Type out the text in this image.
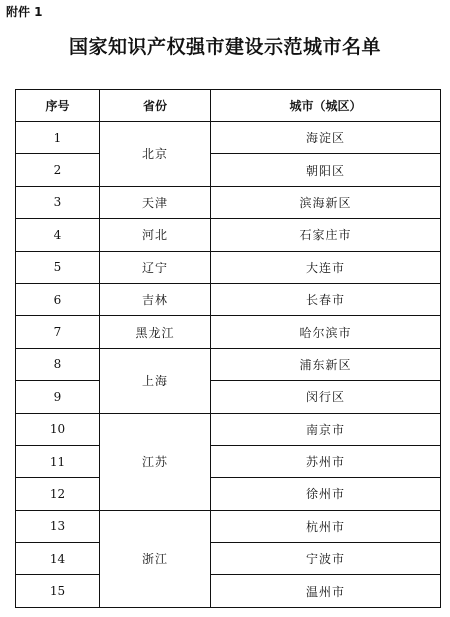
附件 1
国家知识产权强市建设示范城市名单
序号	省份	城市（城区）
1	北京	海淀区
2		朝阳区
3	天津	滨海新区
4	河北	石家庄市
5	辽宁	大连市
6	吉林	长春市
7	黑龙江	哈尔滨市
8	上海	浦东新区
9		闵行区
10	江苏	南京市
11		苏州市
12		徐州市
13	浙江	杭州市
14		宁波市
15		温州市
